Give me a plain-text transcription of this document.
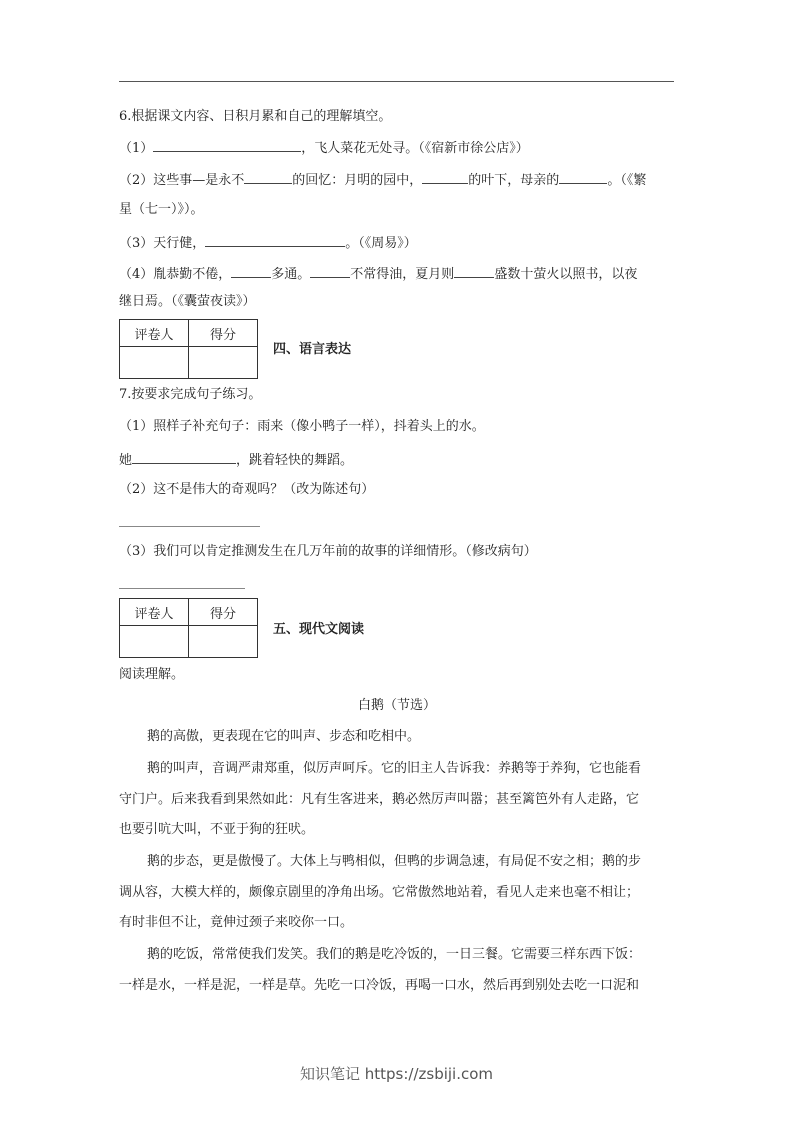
6.根据课文内容、日积月累和自己的理解填空。
（1）	，飞人菜花无处寻。（《宿新市徐公店》）
（2）这些事—是永不	的回忆：月明的园中，	的叶下，母亲的	。（《繁
星（七一）》）。
（3）天行健，	。（《周易》）
（4）胤恭勤不倦，	多通。	不常得油，夏月则	盛数十萤火以照书，以夜
继日焉。（《囊萤夜读》）
评卷人	得分

四、语言表达
7.按要求完成句子练习。
（1）照样子补充句子：雨来（像小鸭子一样），抖着头上的水。
她	，跳着轻快的舞蹈。
（2）这不是伟大的奇观吗？（改为陈述句）
（3）我们可以肯定推测发生在几万年前的故事的详细情形。（修改病句）
评卷人	得分

五、现代文阅读
阅读理解。
白鹅（节选）
鹅的高傲，更表现在它的叫声、步态和吃相中。
鹅的叫声，音调严肃郑重，似厉声呵斥。它的旧主人告诉我：养鹅等于养狗，它也能看
守门户。后来我看到果然如此：凡有生客进来，鹅必然厉声叫嚣；甚至篱笆外有人走路，它
也要引吭大叫，不亚于狗的狂吠。
鹅的步态，更是傲慢了。大体上与鸭相似，但鸭的步调急速，有局促不安之相；鹅的步
调从容，大模大样的，颇像京剧里的净角出场。它常傲然地站着，看见人走来也毫不相让；
有时非但不让，竟伸过颈子来咬你一口。
鹅的吃饭，常常使我们发笑。我们的鹅是吃冷饭的，一日三餐。它需要三样东西下饭：
一样是水，一样是泥，一样是草。先吃一口冷饭，再喝一口水，然后再到别处去吃一口泥和
知识笔记 https://zsbiji.com
